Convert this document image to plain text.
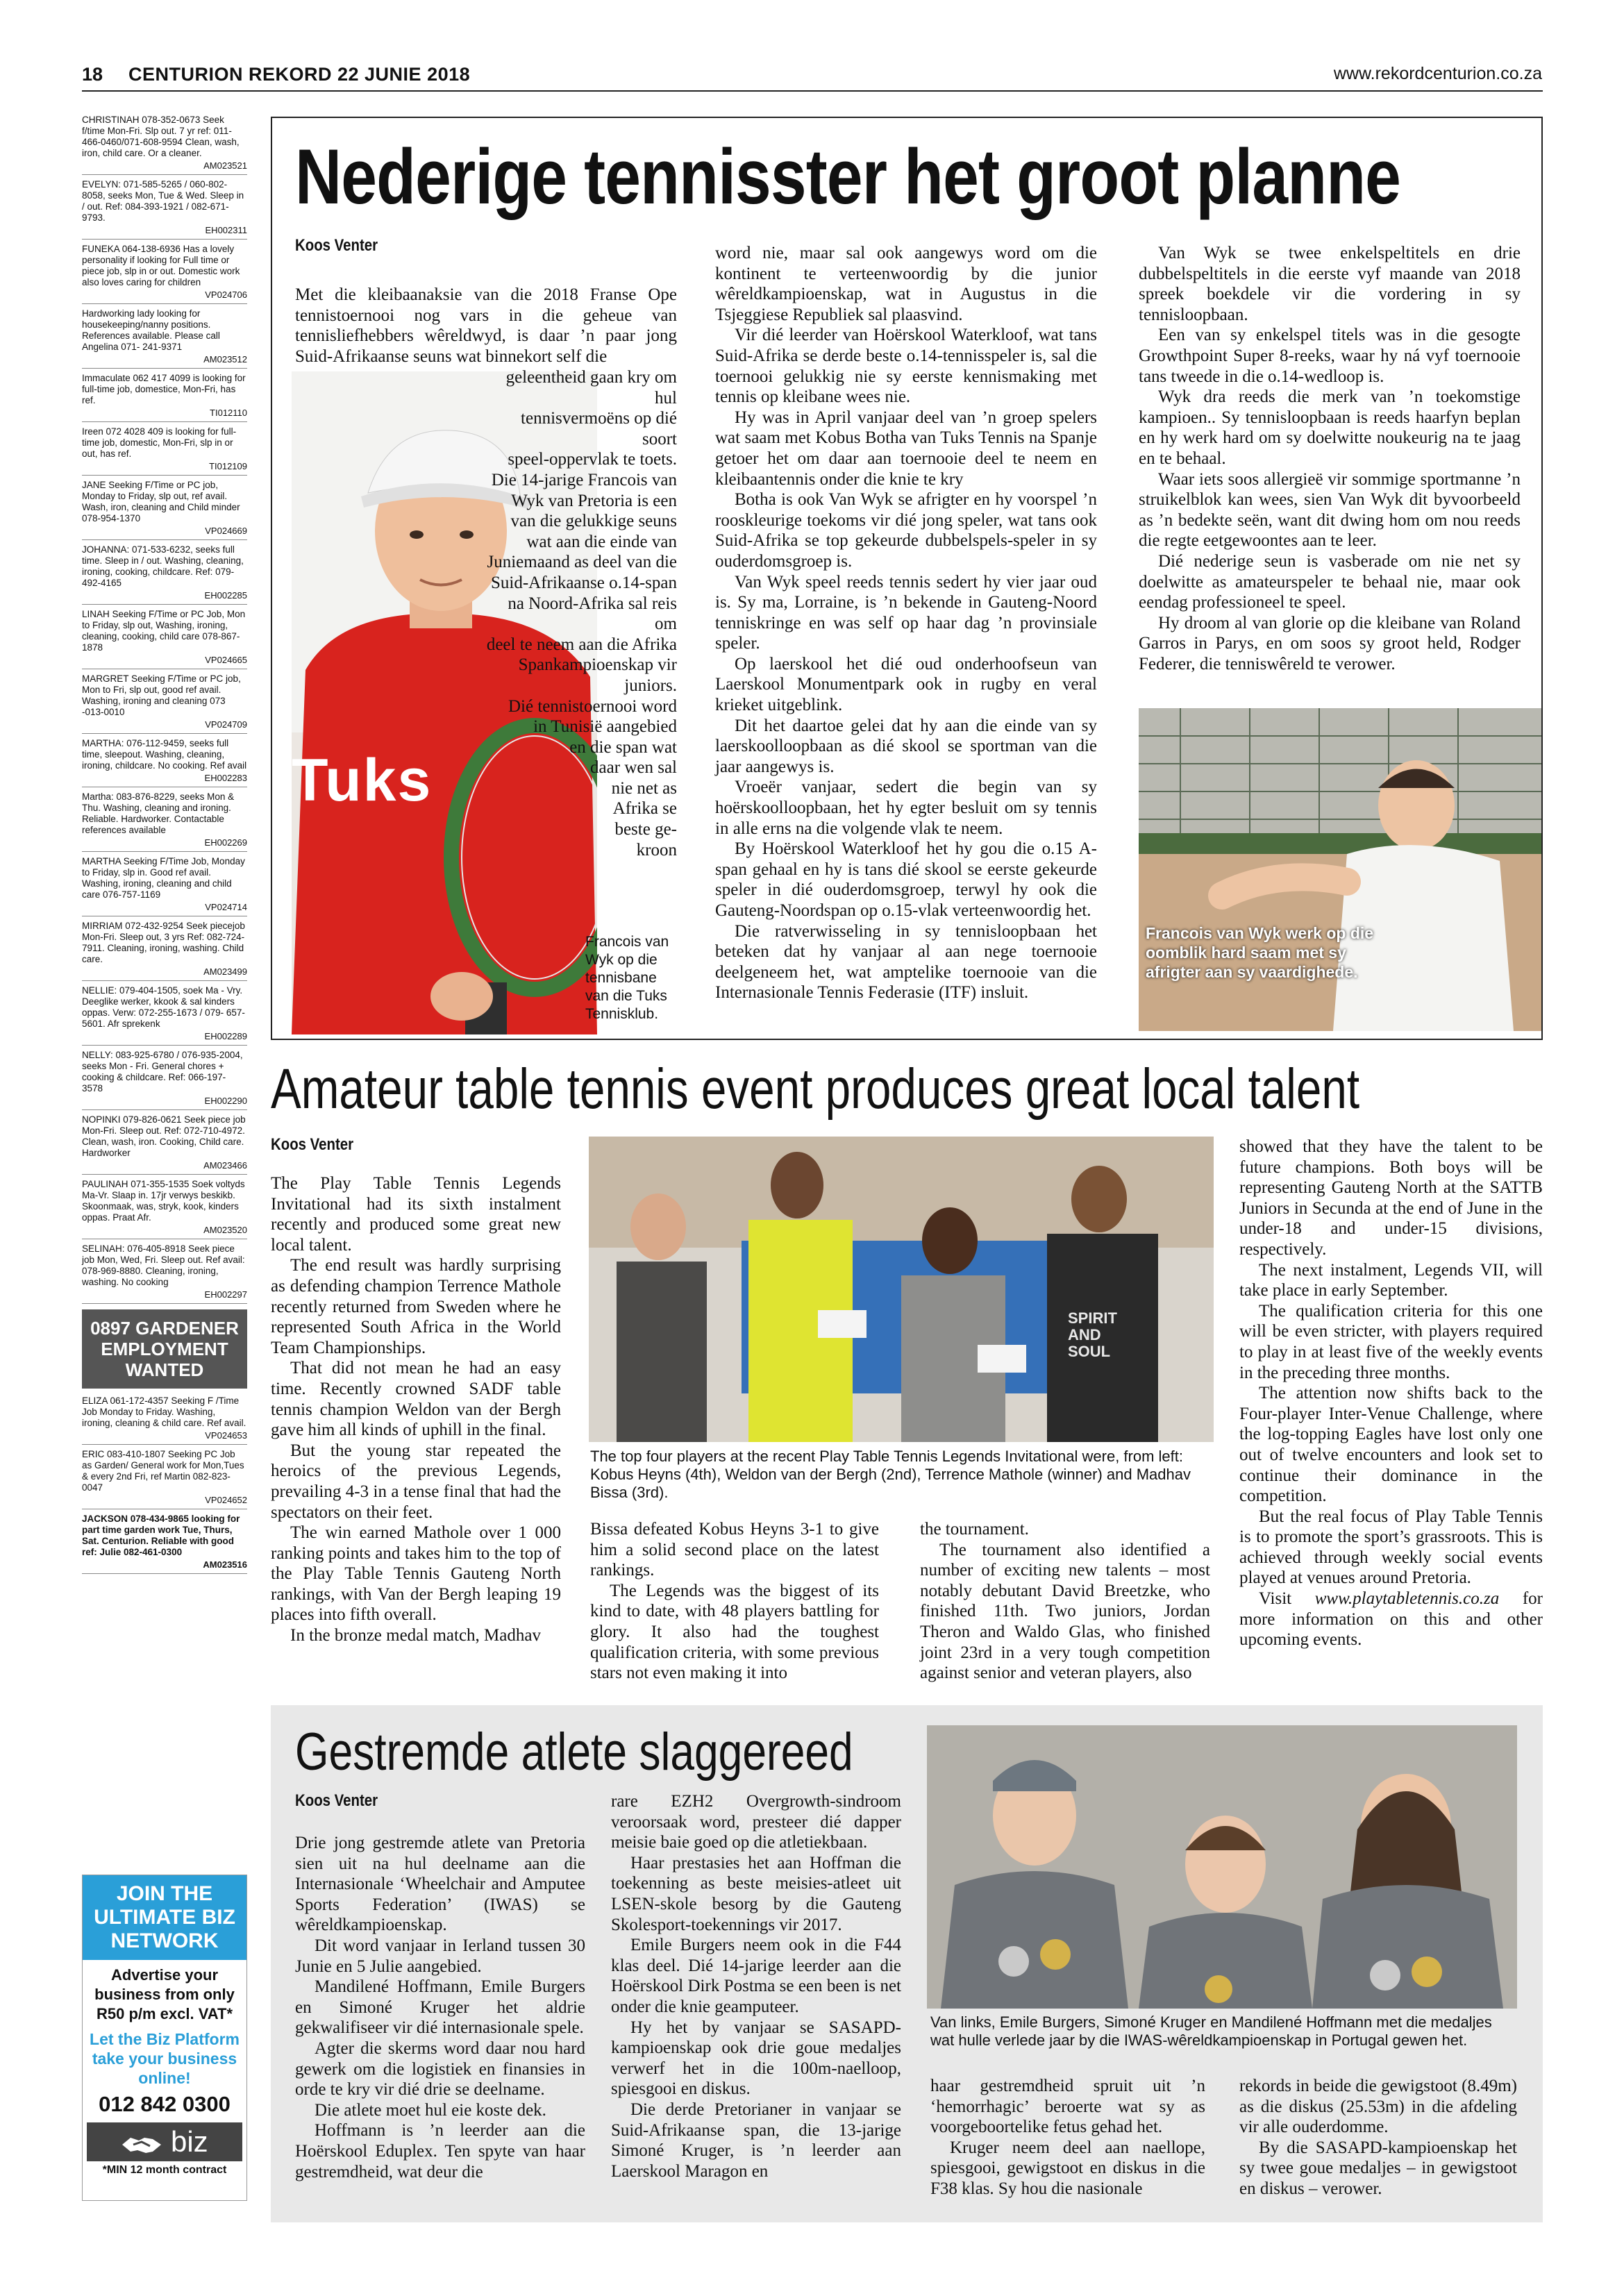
18 CENTURION REKORD 22 JUNIE 2018	www.rekordcenturion.co.za
CHRISTINAH 078-352-0673 Seek f/time Mon-Fri. Slp out. 7 yr ref: 011-466-0460/071-608-9594 Clean, wash, iron, child care. Or a cleaner.
AM023521
EVELYN: 071-585-5265 / 060-802-8058, seeks Mon, Tue & Wed. Sleep in / out. Ref: 084-393-1921 / 082-671-9793.
EH002311
FUNEKA 064-138-6936 Has a lovely personality if looking for Full time or piece job, slp in or out. Domestic work also loves caring for children
VP024706
Hardworking lady looking for housekeeping/nanny positions. References available. Please call Angelina 071- 241-9371
AM023512
Immaculate 062 417 4099 is looking for full-time job, domestice, Mon-Fri, has ref.
TI012110
Ireen 072 4028 409 is looking for full-time job, domestic, Mon-Fri, slp in or out, has ref.
TI012109
JANE Seeking F/Time or PC job, Monday to Friday, slp out, ref avail. Wash, iron, cleaning and Child minder 078-954-1370
VP024669
JOHANNA: 071-533-6232, seeks full time. Sleep in / out. Washing, cleaning, ironing, cooking, childcare. Ref: 079-492-4165
EH002285
LINAH Seeking F/Time or PC Job, Mon to Friday, slp out, Washing, ironing, cleaning, cooking, child care 078-867-1878
VP024665
MARGRET Seeking F/Time or PC job, Mon to Fri, slp out, good ref avail. Washing, ironing and cleaning 073 -013-0010
VP024709
MARTHA: 076-112-9459, seeks full time, sleepout. Washing, cleaning, ironing, childcare. No cooking. Ref avail
EH002283
Martha: 083-876-8229, seeks Mon & Thu. Washing, cleaning and ironing. Reliable. Hardworker. Contactable references available
EH002269
MARTHA Seeking F/Time Job, Monday to Friday, slp in. Good ref avail. Washing, ironing, cleaning and child care 076-757-1169
VP024714
MIRRIAM 072-432-9254 Seek piecejob Mon-Fri. Sleep out, 3 yrs Ref: 082-724-7911. Cleaning, ironing, washing. Child care.
AM023499
NELLIE: 079-404-1505, soek Ma - Vry. Deeglike werker, kkook & sal kinders oppas. Verw: 072-255-1673 / 079- 657-5601. Afr sprekenk
EH002289
NELLY: 083-925-6780 / 076-935-2004, seeks Mon - Fri. General chores + cooking & childcare. Ref: 066-197- 3578
EH002290
NOPINKI 079-826-0621 Seek piece job Mon-Fri. Sleep out. Ref: 072-710-4972. Clean, wash, iron. Cooking, Child care. Hardworker
AM023466
PAULINAH 071-355-1535 Soek voltyds Ma-Vr. Slaap in. 17jr verwys beskikb. Skoonmaak, was, stryk, kook, kinders oppas. Praat Afr.
AM023520
SELINAH: 076-405-8918 Seek piece job Mon, Wed, Fri. Sleep out. Ref avail: 078-969-8880. Cleaning, ironing, washing. No cooking
EH002297
0897 GARDENER EMPLOYMENT WANTED
ELIZA 061-172-4357 Seeking F /Time Job Monday to Friday. Washing, ironing, cleaning & child care. Ref avail.
VP024653
ERIC 083-410-1807 Seeking PC Job as Garden/ General work for Mon,Tues & every 2nd Fri, ref Martin 082-823-0047
VP024652
JACKSON 078-434-9865 looking for part time garden work Tue, Thurs, Sat. Centurion. Reliable with good ref: Julie 082-461-0300
AM023516
JOIN THE ULTIMATE BIZ NETWORK
Advertise your business from only R50 p/m excl. VAT*
Let the Biz Platform take your business online!
012 842 0300
biz
*MIN 12 month contract
Nederige tennisster het groot planne
Koos Venter
Tuks

Met die kleibaanaksie van die 2018 Franse Ope tennistoernooi nog vars in die geheue van tennisliefhebbers wêreldwyd, is daar ’n paar jong Suid-Afrikaanse seuns wat binnekort self die

geleentheid gaan kry om hul
tennisvermoëns op dié soort
speel-oppervlak te toets.
Die 14-jarige Francois van
Wyk van Pretoria is een
van die gelukkige seuns
wat aan die einde van
Juniemaand as deel van die
Suid-Afrikaanse o.14-span
na Noord-Afrika sal reis om
deel te neem aan die Afrika
Spankampioenskap vir juniors.
Dié tennistoernooi word
in Tunisië aangebied
en die span wat
daar wen sal
nie net as
Afrika se
beste ge-
kroon
Francois van Wyk op die tennisbane van die Tuks Tennisklub.

word nie, maar sal ook aangewys word om die kontinent te verteenwoordig by die junior wêreldkampioenskap, wat in Augustus in die Tsjeggiese Republiek sal plaasvind.

Vir dié leerder van Hoërskool Waterkloof, wat tans Suid-Afrika se derde beste o.14-tennisspeler is, sal die toernooi gelukkig nie sy eerste kennismaking met tennis op kleibane wees nie.

Hy was in April vanjaar deel van ’n groep spelers wat saam met Kobus Botha van Tuks Tennis na Spanje getoer het om daar aan toernooie deel te neem en kleibaantennis onder die knie te kry

Botha is ook Van Wyk se afrigter en hy voorspel ’n rooskleurige toekoms vir dié jong speler, wat tans ook Suid-Afrika se top gekeurde dubbelspels-speler in sy ouderdomsgroep is.

Van Wyk speel reeds tennis sedert hy vier jaar oud is. Sy ma, Lorraine, is ’n bekende in Gauteng-Noord tenniskringe en was self op haar dag ’n provinsiale speler.

Op laerskool het dié oud onderhoofseun van Laerskool Monumentpark ook in rugby en veral krieket uitgeblink.

Dit het daartoe gelei dat hy aan die einde van sy laerskoolloopbaan as dié skool se sportman van die jaar aangewys is.

Vroeër vanjaar, sedert die begin van sy hoërskoolloopbaan, het hy egter besluit om sy tennis in alle erns na die volgende vlak te neem.

By Hoërskool Waterkloof het hy gou die o.15 A-span gehaal en hy is tans dié skool se eerste gekeurde speler in dié ouderdomsgroep, terwyl hy ook die Gauteng-Noordspan op o.15-vlak verteenwoordig het.

Die ratverwisseling in sy tennisloopbaan het beteken dat hy vanjaar al aan nege toernooie deelgeneem het, wat amptelike toernooie van die Internasionale Tennis Federasie (ITF) insluit.

Van Wyk se twee enkelspeltitels en drie dubbelspeltitels in die eerste vyf maande van 2018 spreek boekdele vir die vordering in sy tennisloopbaan.

Een van sy enkelspel titels was in die gesogte Growthpoint Super 8-reeks, waar hy ná vyf toernooie tans tweede in die o.14-wedloop is.

Wyk dra reeds die merk van ’n toekomstige kampioen.. Sy tennisloopbaan is reeds haarfyn beplan en hy werk hard om sy doelwitte noukeurig na te jaag en te behaal.

Waar iets soos allergieë vir sommige sportmanne ’n struikelblok kan wees, sien Van Wyk dit byvoorbeeld as ’n bedekte seën, want dit dwing hom om nou reeds die regte eetgewoontes aan te leer.

Dié nederige seun is vasberade om nie net sy doelwitte as amateurspeler te behaal nie, maar ook eendag professioneel te speel.

Hy droom al van glorie op die kleibane van Roland Garros in Parys, en om soos sy groot held, Rodger Federer, die tenniswêreld te verower.

Francois van Wyk werk op die oomblik hard saam met sy afrigter aan sy vaardighede.
Amateur table tennis event produces great local talent
Koos Venter

The Play Table Tennis Legends Invitational had its sixth instalment recently and produced some great new local talent.

The end result was hardly surprising as defending champion Terrence Mathole recently returned from Sweden where he represented South Africa in the World Team Championships.

That did not mean he had an easy time. Recently crowned SADF table tennis champion Weldon van der Bergh gave him all kinds of uphill in the final.

But the young star repeated the heroics of the previous Legends, prevailing 4-3 in a tense final that had the spectators on their feet.

The win earned Mathole over 1 000 ranking points and takes him to the top of the Play Table Tennis Gauteng North rankings, with Van der Bergh leaping 19 places into fifth overall.

In the bronze medal match, Madhav

SPIRIT AND SOUL
The top four players at the recent Play Table Tennis Legends Invitational were, from left: Kobus Heyns (4th), Weldon van der Bergh (2nd), Terrence Mathole (winner) and Madhav Bissa (3rd).

Bissa defeated Kobus Heyns 3-1 to give him a solid second place on the latest rankings.

The Legends was the biggest of its kind to date, with 48 players battling for glory. It also had the toughest qualification criteria, with some previous stars not even making it into

the tournament.

The tournament also identified a number of exciting new talents – most notably debutant David Breetzke, who finished 11th. Two juniors, Jordan Theron and Waldo Glas, who finished joint 23rd in a very tough competition against senior and veteran players, also

showed that they have the talent to be future champions. Both boys will be representing Gauteng North at the SATTB Juniors in Secunda at the end of June in the under-18 and under-15 divisions, respectively.

The next instalment, Legends VII, will take place in early September.

The qualification criteria for this one will be even stricter, with players required to play in at least five of the weekly events in the preceding three months.

The attention now shifts back to the Four-player Inter-Venue Challenge, where the log-topping Eagles have lost only one out of twelve encounters and look set to continue their dominance in the competition.

But the real focus of Play Table Tennis is to promote the sport’s grassroots. This is achieved through weekly social events played at venues around Pretoria.

Visit www.playtabletennis.co.za for more information on this and other upcoming events.

Gestremde atlete slaggereed
Koos Venter

Drie jong gestremde atlete van Pretoria sien uit na hul deelname aan die Internasionale ‘Wheelchair and Amputee Sports Federation’ (IWAS) se wêreldkampioenskap.

Dit word vanjaar in Ierland tussen 30 Junie en 5 Julie aangebied.

Mandilené Hoffmann, Emile Burgers en Simoné Kruger het aldrie gekwalifiseer vir dié internasionale spele.

Agter die skerms word daar nou hard gewerk om die logistiek en finansies in orde te kry vir dié drie se deelname.

Die atlete moet hul eie koste dek.

Hoffmann is ’n leerder aan die Hoërskool Eduplex. Ten spyte van haar gestremdheid, wat deur die

rare EZH2 Overgrowth-sindroom veroorsaak word, presteer dié dapper meisie baie goed op die atletiekbaan.

Haar prestasies het aan Hoffman die toekenning as beste meisies-atleet uit LSEN-skole besorg by die Gauteng Skolesport-toekennings vir 2017.

Emile Burgers neem ook in die F44 klas deel. Dié 14-jarige leerder aan die Hoërskool Dirk Postma se een been is net onder die knie geamputeer.

Hy het by vanjaar se SASAPD-kampioenskap ook drie goue medaljes verwerf het in die 100m-naelloop, spiesgooi en diskus.

Die derde Pretorianer in vanjaar se Suid-Afrikaanse span, die 13-jarige Simoné Kruger, is ’n leerder aan Laerskool Maragon en

Van links, Emile Burgers, Simoné Kruger en Mandilené Hoffmann met die medaljes wat hulle verlede jaar by die IWAS-wêreldkampioenskap in Portugal gewen het.

haar gestremdheid spruit uit ’n ‘hemorrhagic’ beroerte wat sy as voorgeboortelike fetus gehad het.

Kruger neem deel aan naellope, spiesgooi, gewigstoot en diskus in die F38 klas. Sy hou die nasionale

rekords in beide die gewigstoot (8.49m) as die diskus (25.53m) in die afdeling vir alle ouderdomme.

By die SASAPD-kampioenskap het sy twee goue medaljes – in gewigstoot en diskus – verower.
